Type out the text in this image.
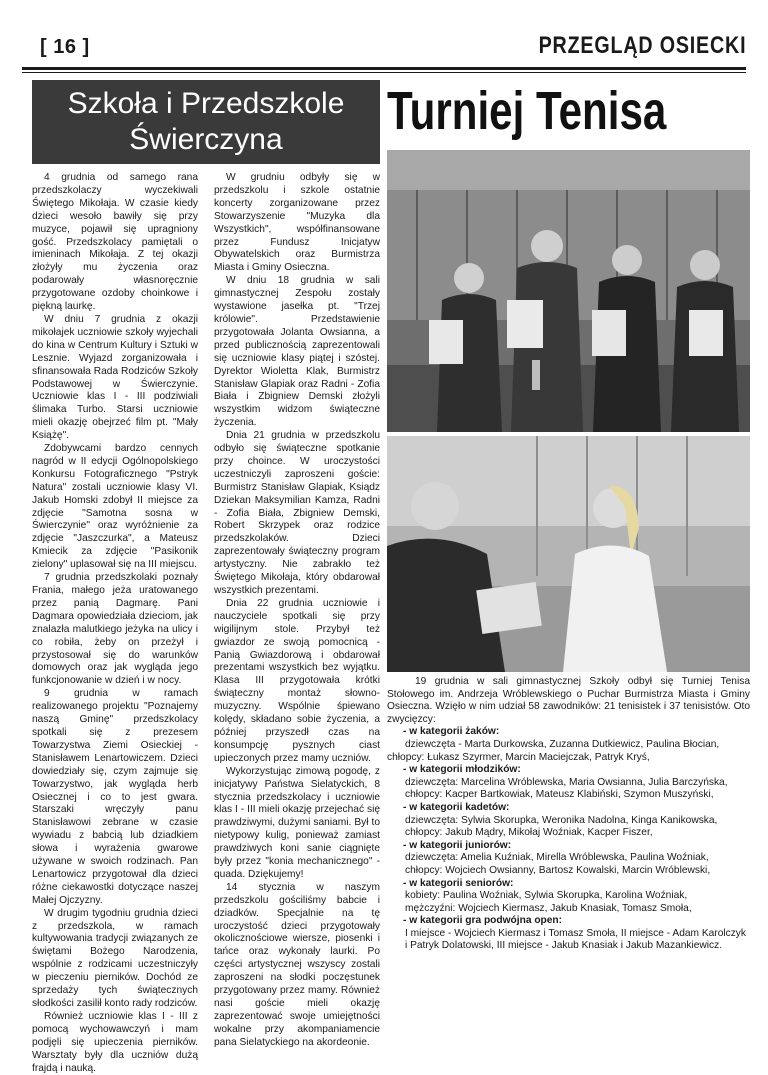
[ 16 ]	PRZEGLĄD OSIECKI
Szkoła i Przedszkole
Świerczyna	Turniej Tenisa

4 grudnia od samego rana przedszkolaczy wyczekiwali Świętego Mikołaja. W czasie kiedy dzieci wesoło bawiły się przy muzyce, pojawił się upragniony gość. Przedszkolacy pamiętali o imieninach Mikołaja. Z tej okazji złożyły mu życzenia oraz podarowały własnoręcznie przygotowane ozdoby choinkowe i piękną laurkę.

W dniu 7 grudnia z okazji mikołajek uczniowie szkoły wyjechali do kina w Centrum Kultury i Sztuki w Lesznie. Wyjazd zorganizowała i sfinansowała Rada Rodziców Szkoły Podstawowej w Świerczynie. Uczniowie klas I - III podziwiali ślimaka Turbo. Starsi uczniowie mieli okazję obejrzeć film pt. "Mały Książę".

Zdobywcami bardzo cennych nagród w II edycji Ogólnopolskiego Konkursu Fotograficznego "Pstryk Natura" zostali uczniowie klasy VI. Jakub Homski zdobył II miejsce za zdjęcie "Samotna sosna w Świerczynie" oraz wyróżnienie za zdjęcie "Jaszczurka", a Mateusz Kmiecik za zdjęcie "Pasikonik zielony" uplasował się na III miejscu.

7 grudnia przedszkolaki poznały Frania, małego jeża uratowanego przez panią Dagmarę. Pani Dagmara opowiedziała dzieciom, jak znalazła malutkiego jeżyka na ulicy i co robiła, żeby on przeżył i przystosował się do warunków domowych oraz jak wygląda jego funkcjonowanie w dzień i w nocy.

9 grudnia w ramach realizowanego projektu "Poznajemy naszą Gminę" przedszkolacy spotkali się z prezesem Towarzystwa Ziemi Osieckiej - Stanisławem Lenartowiczem. Dzieci dowiedziały się, czym zajmuje się Towarzystwo, jak wygląda herb Osiecznej i co to jest gwara. Starszaki wręczyły panu Stanisławowi zebrane w czasie wywiadu z babcią lub dziadkiem słowa i wyrażenia gwarowe używane w swoich rodzinach. Pan Lenartowicz przygotował dla dzieci różne ciekawostki dotyczące naszej Małej Ojczyzny.

W drugim tygodniu grudnia dzieci z przedszkola, w ramach kultywowania tradycji związanych ze świętami Bożego Narodzenia, wspólnie z rodzicami uczestniczyły w pieczeniu pierników. Dochód ze sprzedaży tych świątecznych słodkości zasilił konto rady rodziców.

Również uczniowie klas I - III z pomocą wychowawczyń i mam podjęli się upieczenia pierników. Warsztaty były dla uczniów dużą frajdą i nauką.

W grudniu odbyły się w przedszkolu i szkole ostatnie koncerty zorganizowane przez Stowarzyszenie "Muzyka dla Wszystkich", współfinansowane przez Fundusz Inicjatyw Obywatelskich oraz Burmistrza Miasta i Gminy Osieczna.

W dniu 18 grudnia w sali gimnastycznej Zespołu zostały wystawione jasełka pt. "Trzej królowie". Przedstawienie przygotowała Jolanta Owsianna, a przed publicznością zaprezentowali się uczniowie klasy piątej i szóstej. Dyrektor Wioletta Klak, Burmistrz Stanisław Glapiak oraz Radni - Zofia Biała i Zbigniew Demski złożyli wszystkim widzom świąteczne życzenia.

Dnia 21 grudnia w przedszkolu odbyło się świąteczne spotkanie przy choince. W uroczystości uczestniczyli zaproszeni goście: Burmistrz Stanisław Glapiak, Ksiądz Dziekan Maksymilian Kamza, Radni - Zofia Biała, Zbigniew Demski, Robert Skrzypek oraz rodzice przedszkolaków. Dzieci zaprezentowały świąteczny program artystyczny. Nie zabrakło też Świętego Mikołaja, który obdarował wszystkich prezentami.

Dnia 22 grudnia uczniowie i nauczyciele spotkali się przy wigilijnym stole. Przybył też gwiazdor ze swoją pomocnicą - Panią Gwiazdorową i obdarował prezentami wszystkich bez wyjątku. Klasa III przygotowała krótki świąteczny montaż słowno-muzyczny. Wspólnie śpiewano kolędy, składano sobie życzenia, a później przyszedł czas na konsumpcję pysznych ciast upieczonych przez mamy uczniów.

Wykorzystując zimową pogodę, z inicjatywy Państwa Sielatyckich, 8 stycznia przedszkolacy i uczniowie klas I - III mieli okazję przejechać się prawdziwymi, dużymi saniami. Był to nietypowy kulig, ponieważ zamiast prawdziwych koni sanie ciągnięte były przez "konia mechanicznego" - quada. Dziękujemy!

14 stycznia w naszym przedszkolu gościliśmy babcie i dziadków. Specjalnie na tę uroczystość dzieci przygotowały okolicznościowe wiersze, piosenki i tańce oraz wykonały laurki. Po części artystycznej wszyscy zostali zaproszeni na słodki poczęstunek przygotowany przez mamy. Również nasi goście mieli okazję zaprezentować swoje umiejętności wokalne przy akompaniamencie pana Sielatyckiego na akordeonie.

19 grudnia w sali gimnastycznej Szkoły odbył się Turniej Tenisa Stołowego im. Andrzeja Wróblewskiego o Puchar Burmistrza Miasta i Gminy Osieczna. Wzięło w nim udział 58 zawodników: 21 tenisistek i 37 tenisistów. Oto zwycięzcy:

- w kategorii żaków:

dziewczęta - Marta Durkowska, Zuzanna Dutkiewicz, Paulina Błocian,

chłopcy: Łukasz Szyrmer, Marcin Maciejczak, Patryk Kryś,

- w kategorii młodzików:

dziewczęta: Marcelina Wróblewska, Maria Owsianna, Julia Barczyńska,

chłopcy: Kacper Bartkowiak, Mateusz Klabiński, Szymon Muszyński,

- w kategorii kadetów:

dziewczęta: Sylwia Skorupka, Weronika Nadolna, Kinga Kanikowska,

chłopcy: Jakub Mądry, Mikołaj Woźniak, Kacper Fiszer,

- w kategorii juniorów:

dziewczęta: Amelia Kuźniak, Mirella Wróblewska, Paulina Woźniak,

chłopcy: Wojciech Owsianny, Bartosz Kowalski, Marcin Wróblewski,

- w kategorii seniorów:

kobiety: Paulina Woźniak, Sylwia Skorupka, Karolina Woźniak,

mężczyźni: Wojciech Kiermasz, Jakub Knasiak, Tomasz Smoła,

- w kategorii gra podwójna open:

I miejsce - Wojciech Kiermasz i Tomasz Smoła, II miejsce - Adam Karolczyk i Patryk Dolatowski, III miejsce - Jakub Knasiak i Jakub Mazankiewicz.
